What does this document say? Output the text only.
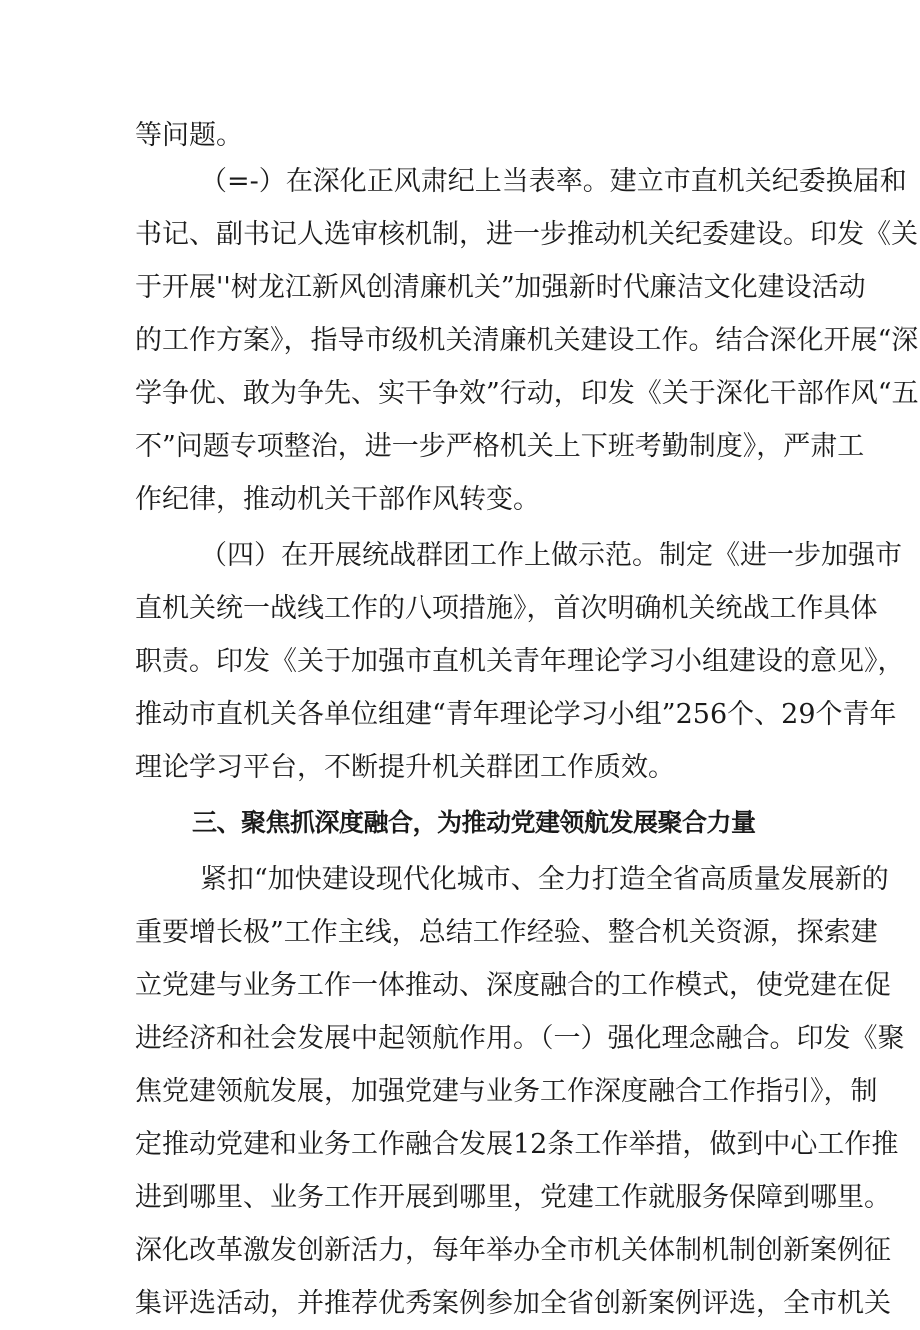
等问题。
（=-）在深化正风肃纪上当表率。建立市直机关纪委换届和
书记、副书记人选审核机制，进一步推动机关纪委建设。印发《关
于开展''树龙江新风创清廉机关”加强新时代廉洁文化建设活动
的工作方案》，指导市级机关清廉机关建设工作。结合深化开展“深
学争优、敢为争先、实干争效”行动，印发《关于深化干部作风“五
不”问题专项整治，进一步严格机关上下班考勤制度》，严肃工
作纪律，推动机关干部作风转变。
（四）在开展统战群团工作上做示范。制定《进一步加强市
直机关统一战线工作的八项措施》，首次明确机关统战工作具体
职责。印发《关于加强市直机关青年理论学习小组建设的意见》，
推动市直机关各单位组建“青年理论学习小组”256个、29个青年
理论学习平台，不断提升机关群团工作质效。
三、聚焦抓深度融合，为推动党建领航发展聚合力量
紧扣“加快建设现代化城市、全力打造全省高质量发展新的
重要增长极”工作主线，总结工作经验、整合机关资源，探索建
立党建与业务工作一体推动、深度融合的工作模式，使党建在促
进经济和社会发展中起领航作用。（一）强化理念融合。印发《聚
焦党建领航发展，加强党建与业务工作深度融合工作指引》，制
定推动党建和业务工作融合发展12条工作举措，做到中心工作推
进到哪里、业务工作开展到哪里，党建工作就服务保障到哪里。
深化改革激发创新活力，每年举办全市机关体制机制创新案例征
集评选活动，并推荐优秀案例参加全省创新案例评选，全市机关
